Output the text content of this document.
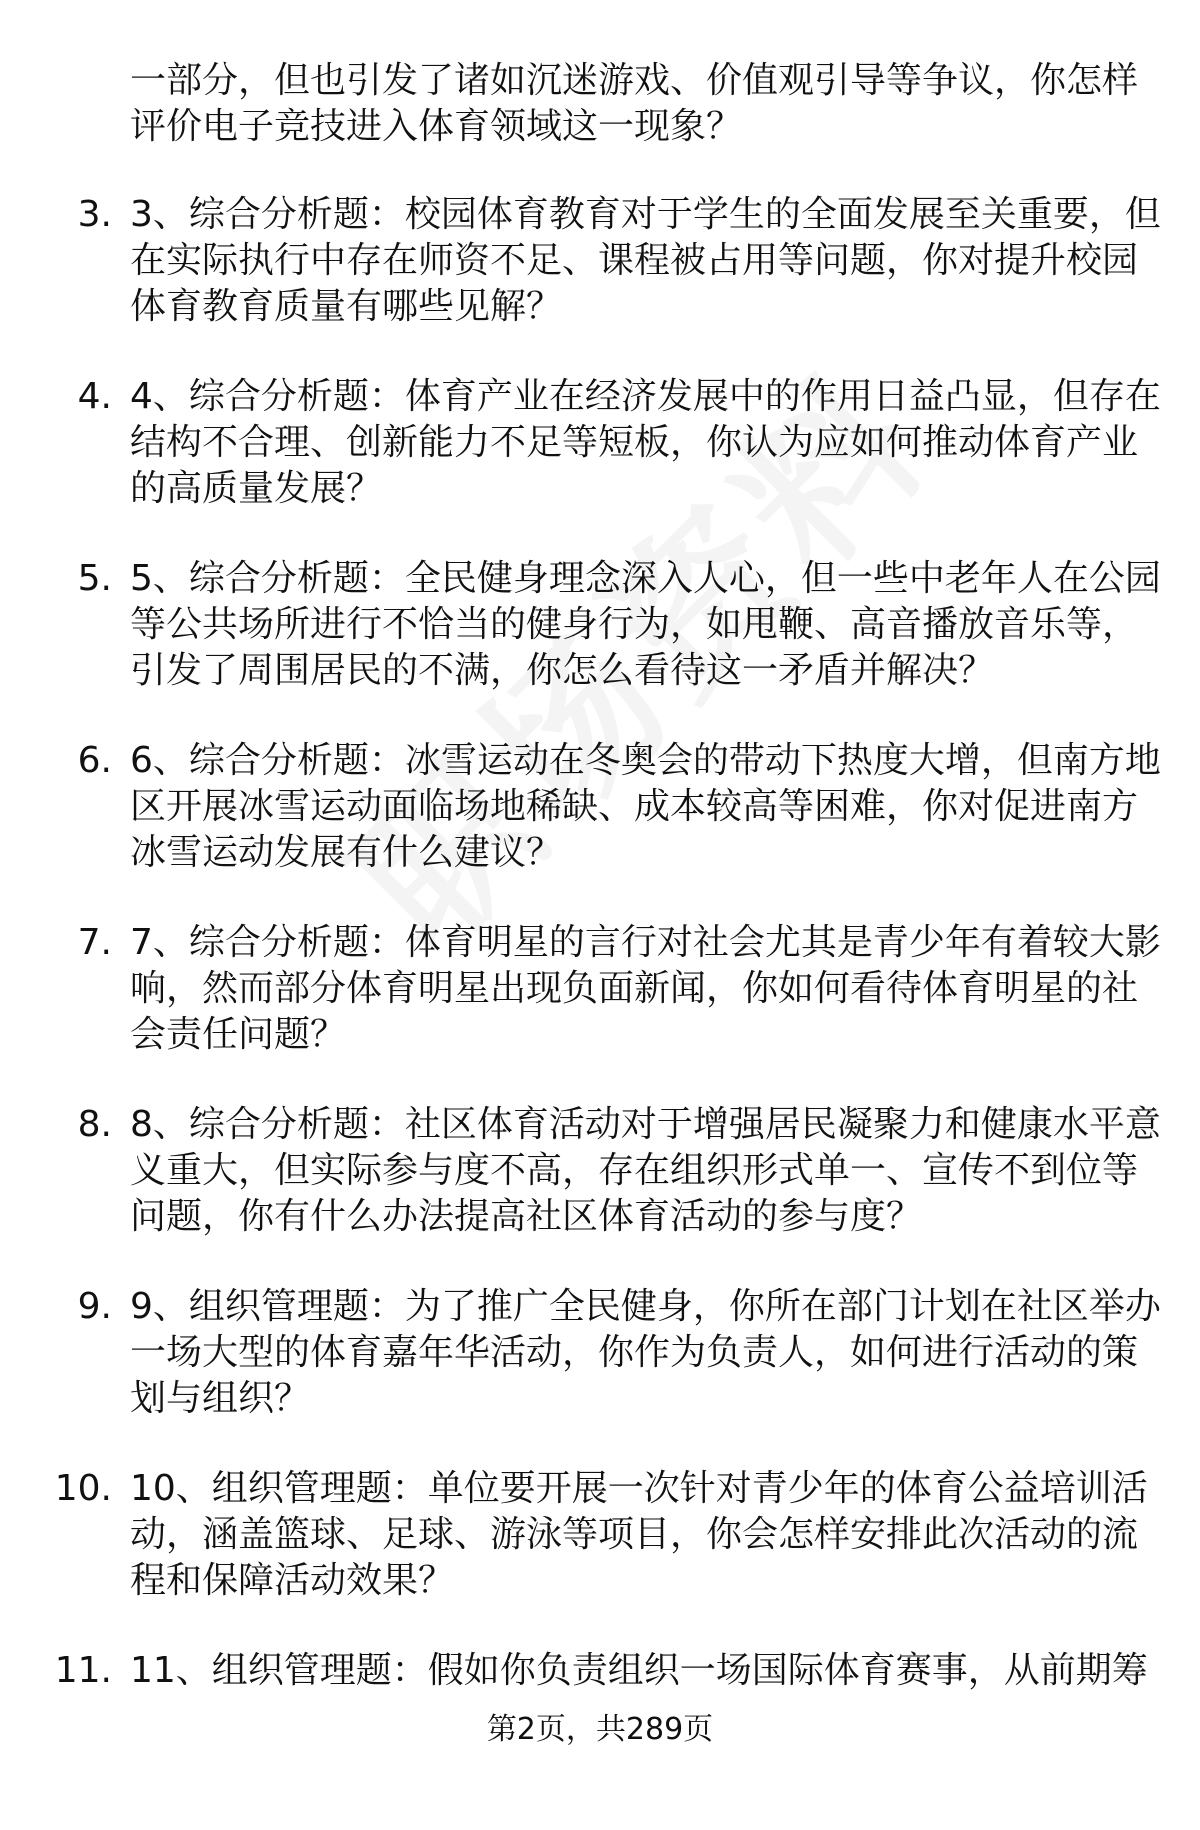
一部分，但也引发了诸如沉迷游戏、价值观引导等争议，你怎样
评价电子竞技进入体育领域这一现象？
3. 3、综合分析题：校园体育教育对于学生的全面发展至关重要，但
在实际执行中存在师资不足、课程被占用等问题，你对提升校园
体育教育质量有哪些见解？
4. 4、综合分析题：体育产业在经济发展中的作用日益凸显，但存在
结构不合理、创新能力不足等短板，你认为应如何推动体育产业
的高质量发展？
5. 5、综合分析题：全民健身理念深入人心，但一些中老年人在公园
等公共场所进行不恰当的健身行为，如甩鞭、高音播放音乐等，
引发了周围居民的不满，你怎么看待这一矛盾并解决？
6. 6、综合分析题：冰雪运动在冬奥会的带动下热度大增，但南方地
区开展冰雪运动面临场地稀缺、成本较高等困难，你对促进南方
冰雪运动发展有什么建议？
7. 7、综合分析题：体育明星的言行对社会尤其是青少年有着较大影
响，然而部分体育明星出现负面新闻，你如何看待体育明星的社
会责任问题？
8. 8、综合分析题：社区体育活动对于增强居民凝聚力和健康水平意
义重大，但实际参与度不高，存在组织形式单一、宣传不到位等
问题，你有什么办法提高社区体育活动的参与度？
9. 9、组织管理题：为了推广全民健身，你所在部门计划在社区举办
一场大型的体育嘉年华活动，你作为负责人，如何进行活动的策
划与组织？
10. 10、组织管理题：单位要开展一次针对青少年的体育公益培训活
动，涵盖篮球、足球、游泳等项目，你会怎样安排此次活动的流
程和保障活动效果？
11. 11、组织管理题：假如你负责组织一场国际体育赛事，从前期筹
第2页，共289页
